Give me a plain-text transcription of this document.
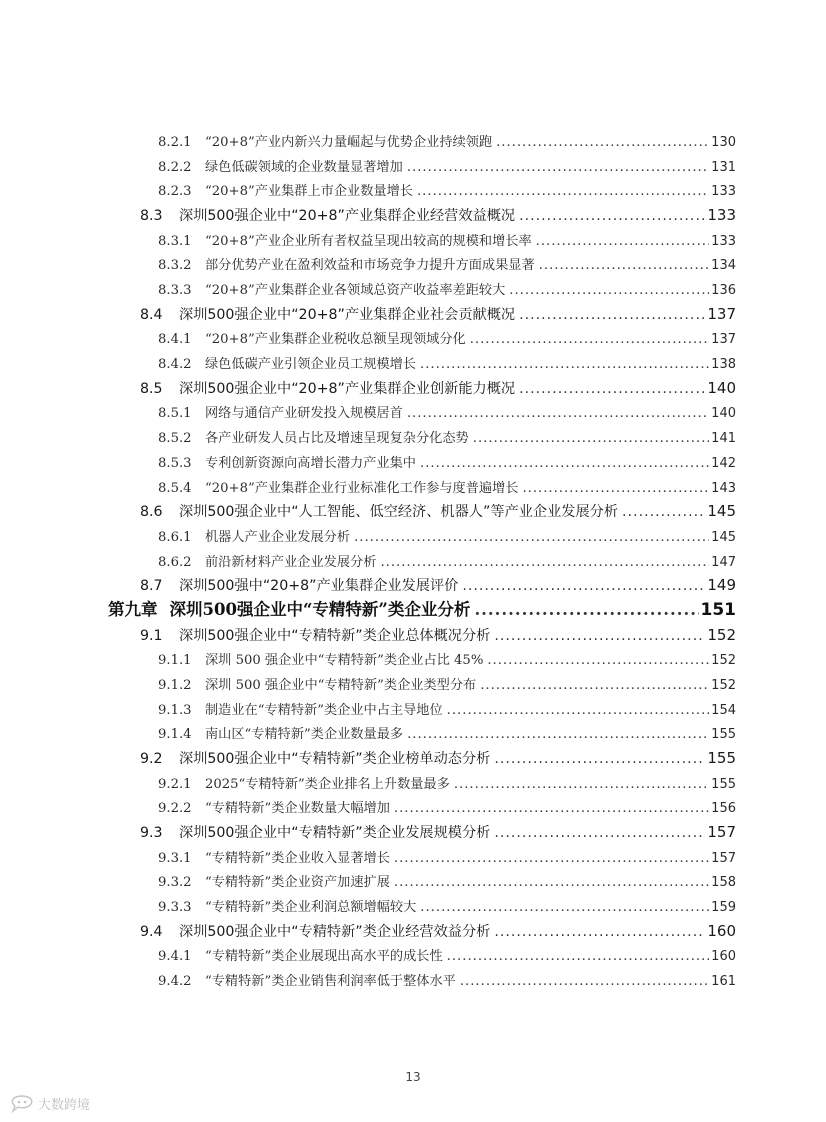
8.2.1	“20+8”产业内新兴力量崛起与优势企业持续领跑 .....	130
8.2.2	绿色低碳领域的企业数量显著增加 .....	131
8.2.3	“20+8”产业集群上市企业数量增长 .....	133
8.3	深圳500强企业中“20+8”产业集群企业经营效益概况 .....	133
8.3.1	“20+8”产业企业所有者权益呈现出较高的规模和增长率 .....	133
8.3.2	部分优势产业在盈利效益和市场竞争力提升方面成果显著 .....	134
8.3.3	“20+8”产业集群企业各领域总资产收益率差距较大 .....	136
8.4	深圳500强企业中“20+8”产业集群企业社会贡献概况 .....	137
8.4.1	“20+8”产业集群企业税收总额呈现领域分化 .....	137
8.4.2	绿色低碳产业引领企业员工规模增长 .....	138
8.5	深圳500强企业中“20+8”产业集群企业创新能力概况 .....	140
8.5.1	网络与通信产业研发投入规模居首 .....	140
8.5.2	各产业研发人员占比及增速呈现复杂分化态势 .....	141
8.5.3	专利创新资源向高增长潜力产业集中 .....	142
8.5.4	“20+8”产业集群企业行业标准化工作参与度普遍增长 .....	143
8.6	深圳500强企业中“人工智能、低空经济、机器人”等产业企业发展分析 .....	145
8.6.1	机器人产业企业发展分析 .....	145
8.6.2	前沿新材料产业企业发展分析 .....	147
8.7	深圳500强中“20+8”产业集群企业发展评价 .....	149
第九章 深圳500强企业中“专精特新”类企业分析 .....	151
9.1	深圳500强企业中“专精特新”类企业总体概况分析 .....	152
9.1.1	深圳 500 强企业中“专精特新”类企业占比 45% .....	152
9.1.2	深圳 500 强企业中“专精特新”类企业类型分布 .....	152
9.1.3	制造业在“专精特新”类企业中占主导地位 .....	154
9.1.4	南山区“专精特新”类企业数量最多 .....	155
9.2	深圳500强企业中“专精特新”类企业榜单动态分析 .....	155
9.2.1	2025“专精特新”类企业排名上升数量最多 .....	155
9.2.2	“专精特新”类企业数量大幅增加 .....	156
9.3	深圳500强企业中“专精特新”类企业发展规模分析 .....	157
9.3.1	“专精特新”类企业收入显著增长 .....	157
9.3.2	“专精特新”类企业资产加速扩展 .....	158
9.3.3	“专精特新”类企业利润总额增幅较大 .....	159
9.4	深圳500强企业中“专精特新”类企业经营效益分析 .....	160
9.4.1	“专精特新”类企业展现出高水平的成长性 .....	160
9.4.2	“专精特新”类企业销售利润率低于整体水平 .....	161
13
大数跨境
